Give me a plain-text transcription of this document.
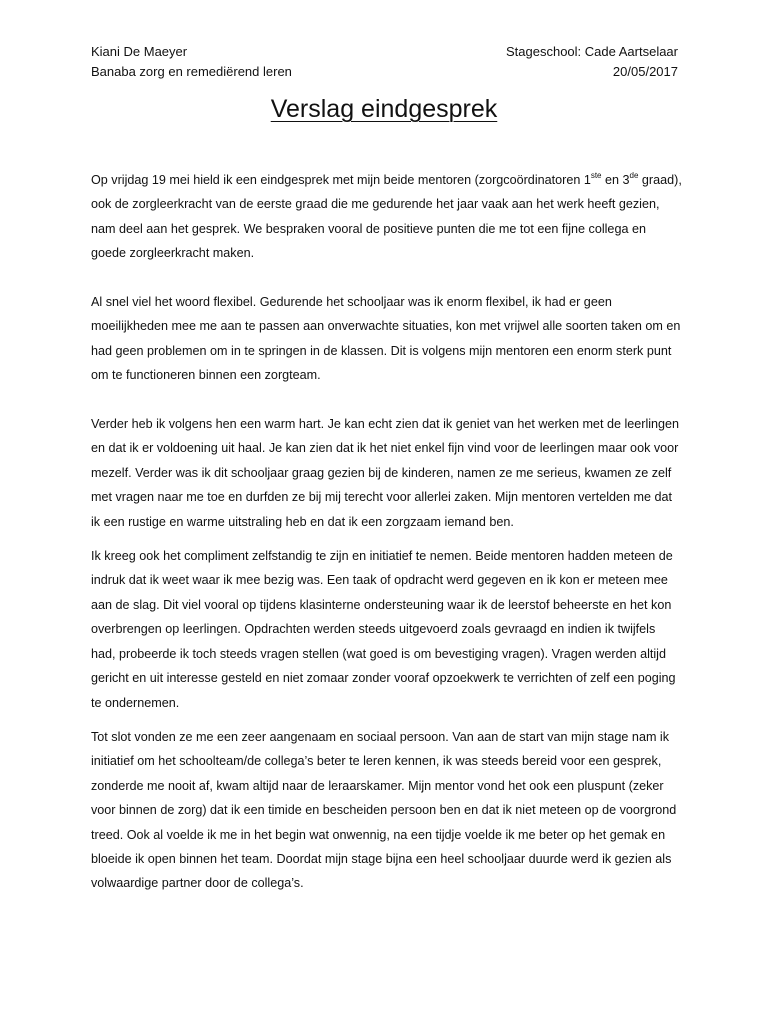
Kiani De Maeyer	Stageschool: Cade Aartselaar
Banaba zorg en remediërend leren	20/05/2017
Verslag eindgesprek

Op vrijdag 19 mei hield ik een eindgesprek met mijn beide mentoren (zorgcoördinatoren 1ste en 3de graad), ook de zorgleerkracht van de eerste graad die me gedurende het jaar vaak aan het werk heeft gezien, nam deel aan het gesprek. We bespraken vooral de positieve punten die me tot een fijne collega en goede zorgleerkracht maken.

Al snel viel het woord flexibel. Gedurende het schooljaar was ik enorm flexibel, ik had er geen moeilijkheden mee me aan te passen aan onverwachte situaties, kon met vrijwel alle soorten taken om en had geen problemen om in te springen in de klassen. Dit is volgens mijn mentoren een enorm sterk punt om te functioneren binnen een zorgteam.

Verder heb ik volgens hen een warm hart. Je kan echt zien dat ik geniet van het werken met de leerlingen en dat ik er voldoening uit haal. Je kan zien dat ik het niet enkel fijn vind voor de leerlingen maar ook voor mezelf. Verder was ik dit schooljaar graag gezien bij de kinderen, namen ze me serieus, kwamen ze zelf met vragen naar me toe en durfden ze bij mij terecht voor allerlei zaken. Mijn mentoren vertelden me dat ik een rustige en warme uitstraling heb en dat ik een zorgzaam iemand ben.

Ik kreeg ook het compliment zelfstandig te zijn en initiatief te nemen. Beide mentoren hadden meteen de indruk dat ik weet waar ik mee bezig was. Een taak of opdracht werd gegeven en ik kon er meteen mee aan de slag. Dit viel vooral op tijdens klasinterne ondersteuning waar ik de leerstof beheerste en het kon overbrengen op leerlingen. Opdrachten werden steeds uitgevoerd zoals gevraagd en indien ik twijfels had, probeerde ik toch steeds vragen stellen (wat goed is om bevestiging vragen). Vragen werden altijd gericht en uit interesse gesteld en niet zomaar zonder vooraf opzoekwerk te verrichten of zelf een poging te ondernemen.

Tot slot vonden ze me een zeer aangenaam en sociaal persoon. Van aan de start van mijn stage nam ik initiatief om het schoolteam/de collega’s beter te leren kennen, ik was steeds bereid voor een gesprek, zonderde me nooit af, kwam altijd naar de leraarskamer. Mijn mentor vond het ook een pluspunt (zeker voor binnen de zorg) dat ik een timide en bescheiden persoon ben en dat ik niet meteen op de voorgrond treed. Ook al voelde ik me in het begin wat onwennig, na een tijdje voelde ik me beter op het gemak en bloeide ik open binnen het team. Doordat mijn stage bijna een heel schooljaar duurde werd ik gezien als volwaardige partner door de collega’s.
